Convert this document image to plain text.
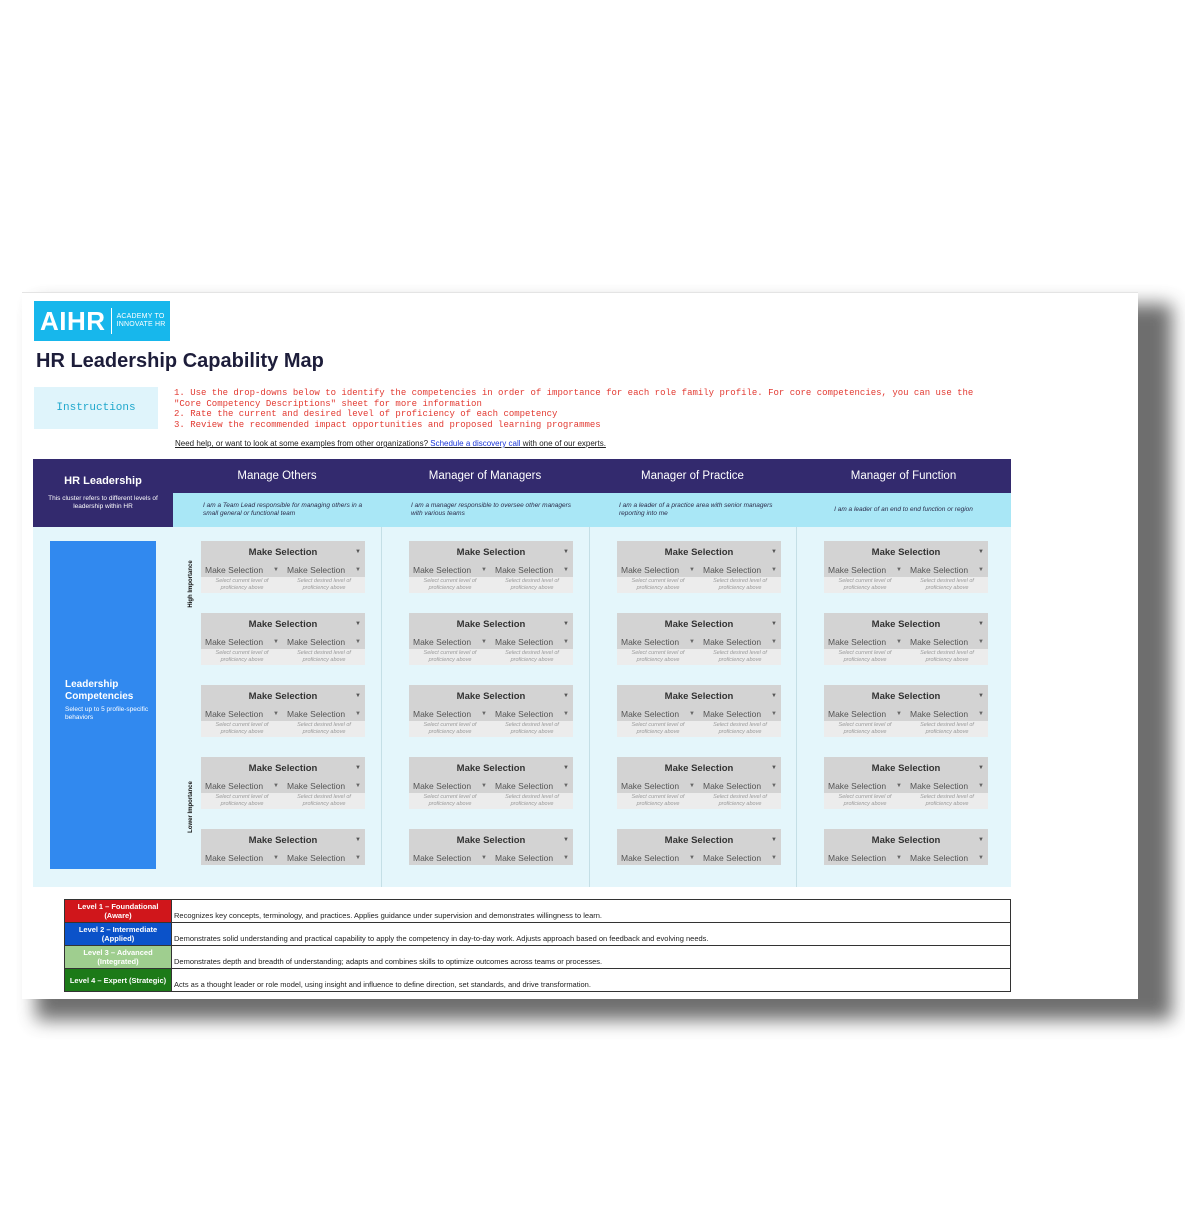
AIHR ACADEMY TO
INNOVATE HR
HR Leadership Capability Map
Instructions
1. Use the drop-downs below to identify the competencies in order of importance for each role family profile. For core competencies, you can use the "Core Competency Descriptions" sheet for more information
2. Rate the current and desired level of proficiency of each competency
3. Review the recommended impact opportunities and proposed learning programmes
Need help, or want to look at some examples from other organizations? Schedule a discovery call with one of our experts.
HR Leadership
This cluster refers to different levels of leadership within HR
Leadership Competencies
Select up to 5 profile-specific behaviors
High Importance
Lower Importance
Manage Others
I am a Team Lead responsible for managing others in a small general or functional team
Make Selection	▼
Make Selection	▼ Make Selection	▼
Select current level of proficiency above
Select desired level of proficiency above
Make Selection	▼
Make Selection	▼ Make Selection	▼
Select current level of proficiency above
Select desired level of proficiency above
Make Selection	▼
Make Selection	▼ Make Selection	▼
Select current level of proficiency above
Select desired level of proficiency above
Make Selection	▼
Make Selection	▼ Make Selection	▼
Select current level of proficiency above
Select desired level of proficiency above
Make Selection	▼
Make Selection	▼ Make Selection	▼
Manager of Managers
I am a manager responsible to oversee other managers with various teams
Make Selection	▼
Make Selection	▼ Make Selection	▼
Select current level of proficiency above
Select desired level of proficiency above
Make Selection	▼
Make Selection	▼ Make Selection	▼
Select current level of proficiency above
Select desired level of proficiency above
Make Selection	▼
Make Selection	▼ Make Selection	▼
Select current level of proficiency above
Select desired level of proficiency above
Make Selection	▼
Make Selection	▼ Make Selection	▼
Select current level of proficiency above
Select desired level of proficiency above
Make Selection	▼
Make Selection	▼ Make Selection	▼
Manager of Practice
I am a leader of a practice area with senior managers reporting into me
Make Selection	▼
Make Selection	▼ Make Selection	▼
Select current level of proficiency above
Select desired level of proficiency above
Make Selection	▼
Make Selection	▼ Make Selection	▼
Select current level of proficiency above
Select desired level of proficiency above
Make Selection	▼
Make Selection	▼ Make Selection	▼
Select current level of proficiency above
Select desired level of proficiency above
Make Selection	▼
Make Selection	▼ Make Selection	▼
Select current level of proficiency above
Select desired level of proficiency above
Make Selection	▼
Make Selection	▼ Make Selection	▼
Manager of Function
I am a leader of an end to end function or region
Make Selection	▼
Make Selection	▼ Make Selection	▼
Select current level of proficiency above
Select desired level of proficiency above
Make Selection	▼
Make Selection	▼ Make Selection	▼
Select current level of proficiency above
Select desired level of proficiency above
Make Selection	▼
Make Selection	▼ Make Selection	▼
Select current level of proficiency above
Select desired level of proficiency above
Make Selection	▼
Make Selection	▼ Make Selection	▼
Select current level of proficiency above
Select desired level of proficiency above
Make Selection	▼
Make Selection	▼ Make Selection	▼
Level 1 – Foundational (Aware)	Recognizes key concepts, terminology, and practices. Applies guidance under supervision and demonstrates willingness to learn.
Level 2 – Intermediate (Applied)	Demonstrates solid understanding and practical capability to apply the competency in day-to-day work. Adjusts approach based on feedback and evolving needs.
Level 3 – Advanced (Integrated)	Demonstrates depth and breadth of understanding; adapts and combines skills to optimize outcomes across teams or processes.
Level 4 – Expert (Strategic)	Acts as a thought leader or role model, using insight and influence to define direction, set standards, and drive transformation.
